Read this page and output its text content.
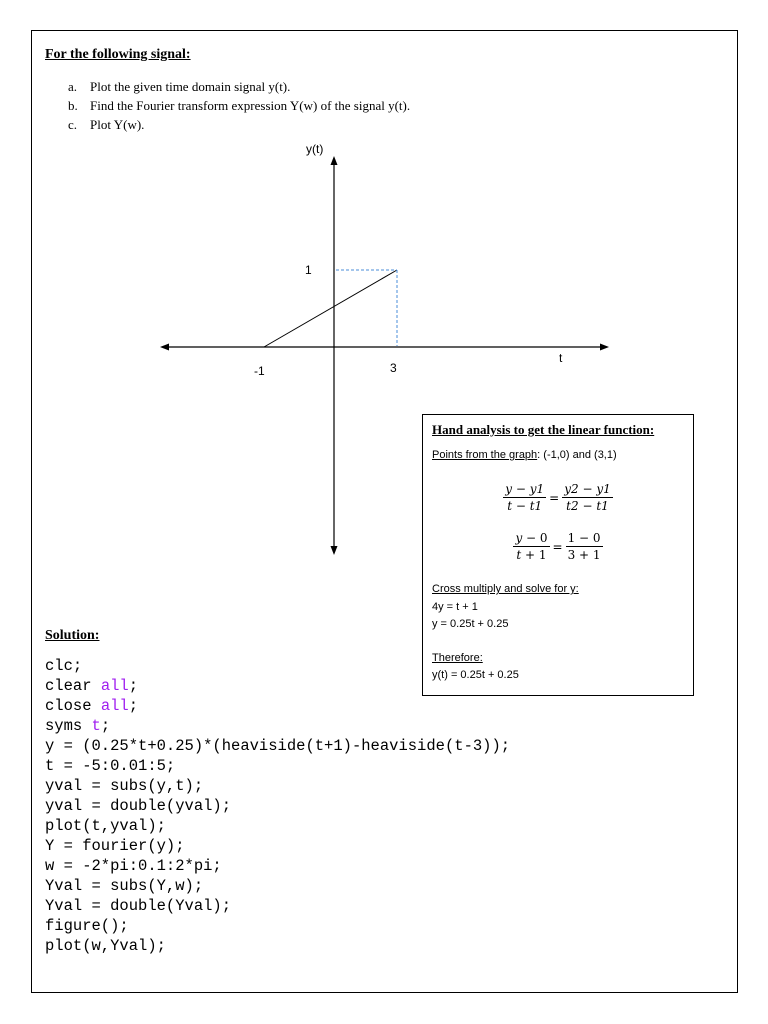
For the following signal:
a. Plot the given time domain signal y(t).
b. Find the Fourier transform expression Y(w) of the signal y(t).
c. Plot Y(w).
y(t)
t
1
-1	3
Hand analysis to get the linear function:
Points from the graph: (-1,0) and (3,1)
$\frac{y - y1}{t - t1} = \frac{y2 - y1}{t2 - t1}$
$\frac{y - 0}{t + 1} = \frac{1 - 0}{3 + 1}$
Cross multiply and solve for y:
4y = t + 1
y = 0.25t + 0.25
Therefore:
y(t) = 0.25t + 0.25
Solution:
clc;
clear all;
close all;
syms t;
y = (0.25*t+0.25)*(heaviside(t+1)-heaviside(t-3));
t = -5:0.01:5;
yval = subs(y,t);
yval = double(yval);
plot(t,yval);
Y = fourier(y);
w = -2*pi:0.1:2*pi;
Yval = subs(Y,w);
Yval = double(Yval);
figure();
plot(w,Yval);
